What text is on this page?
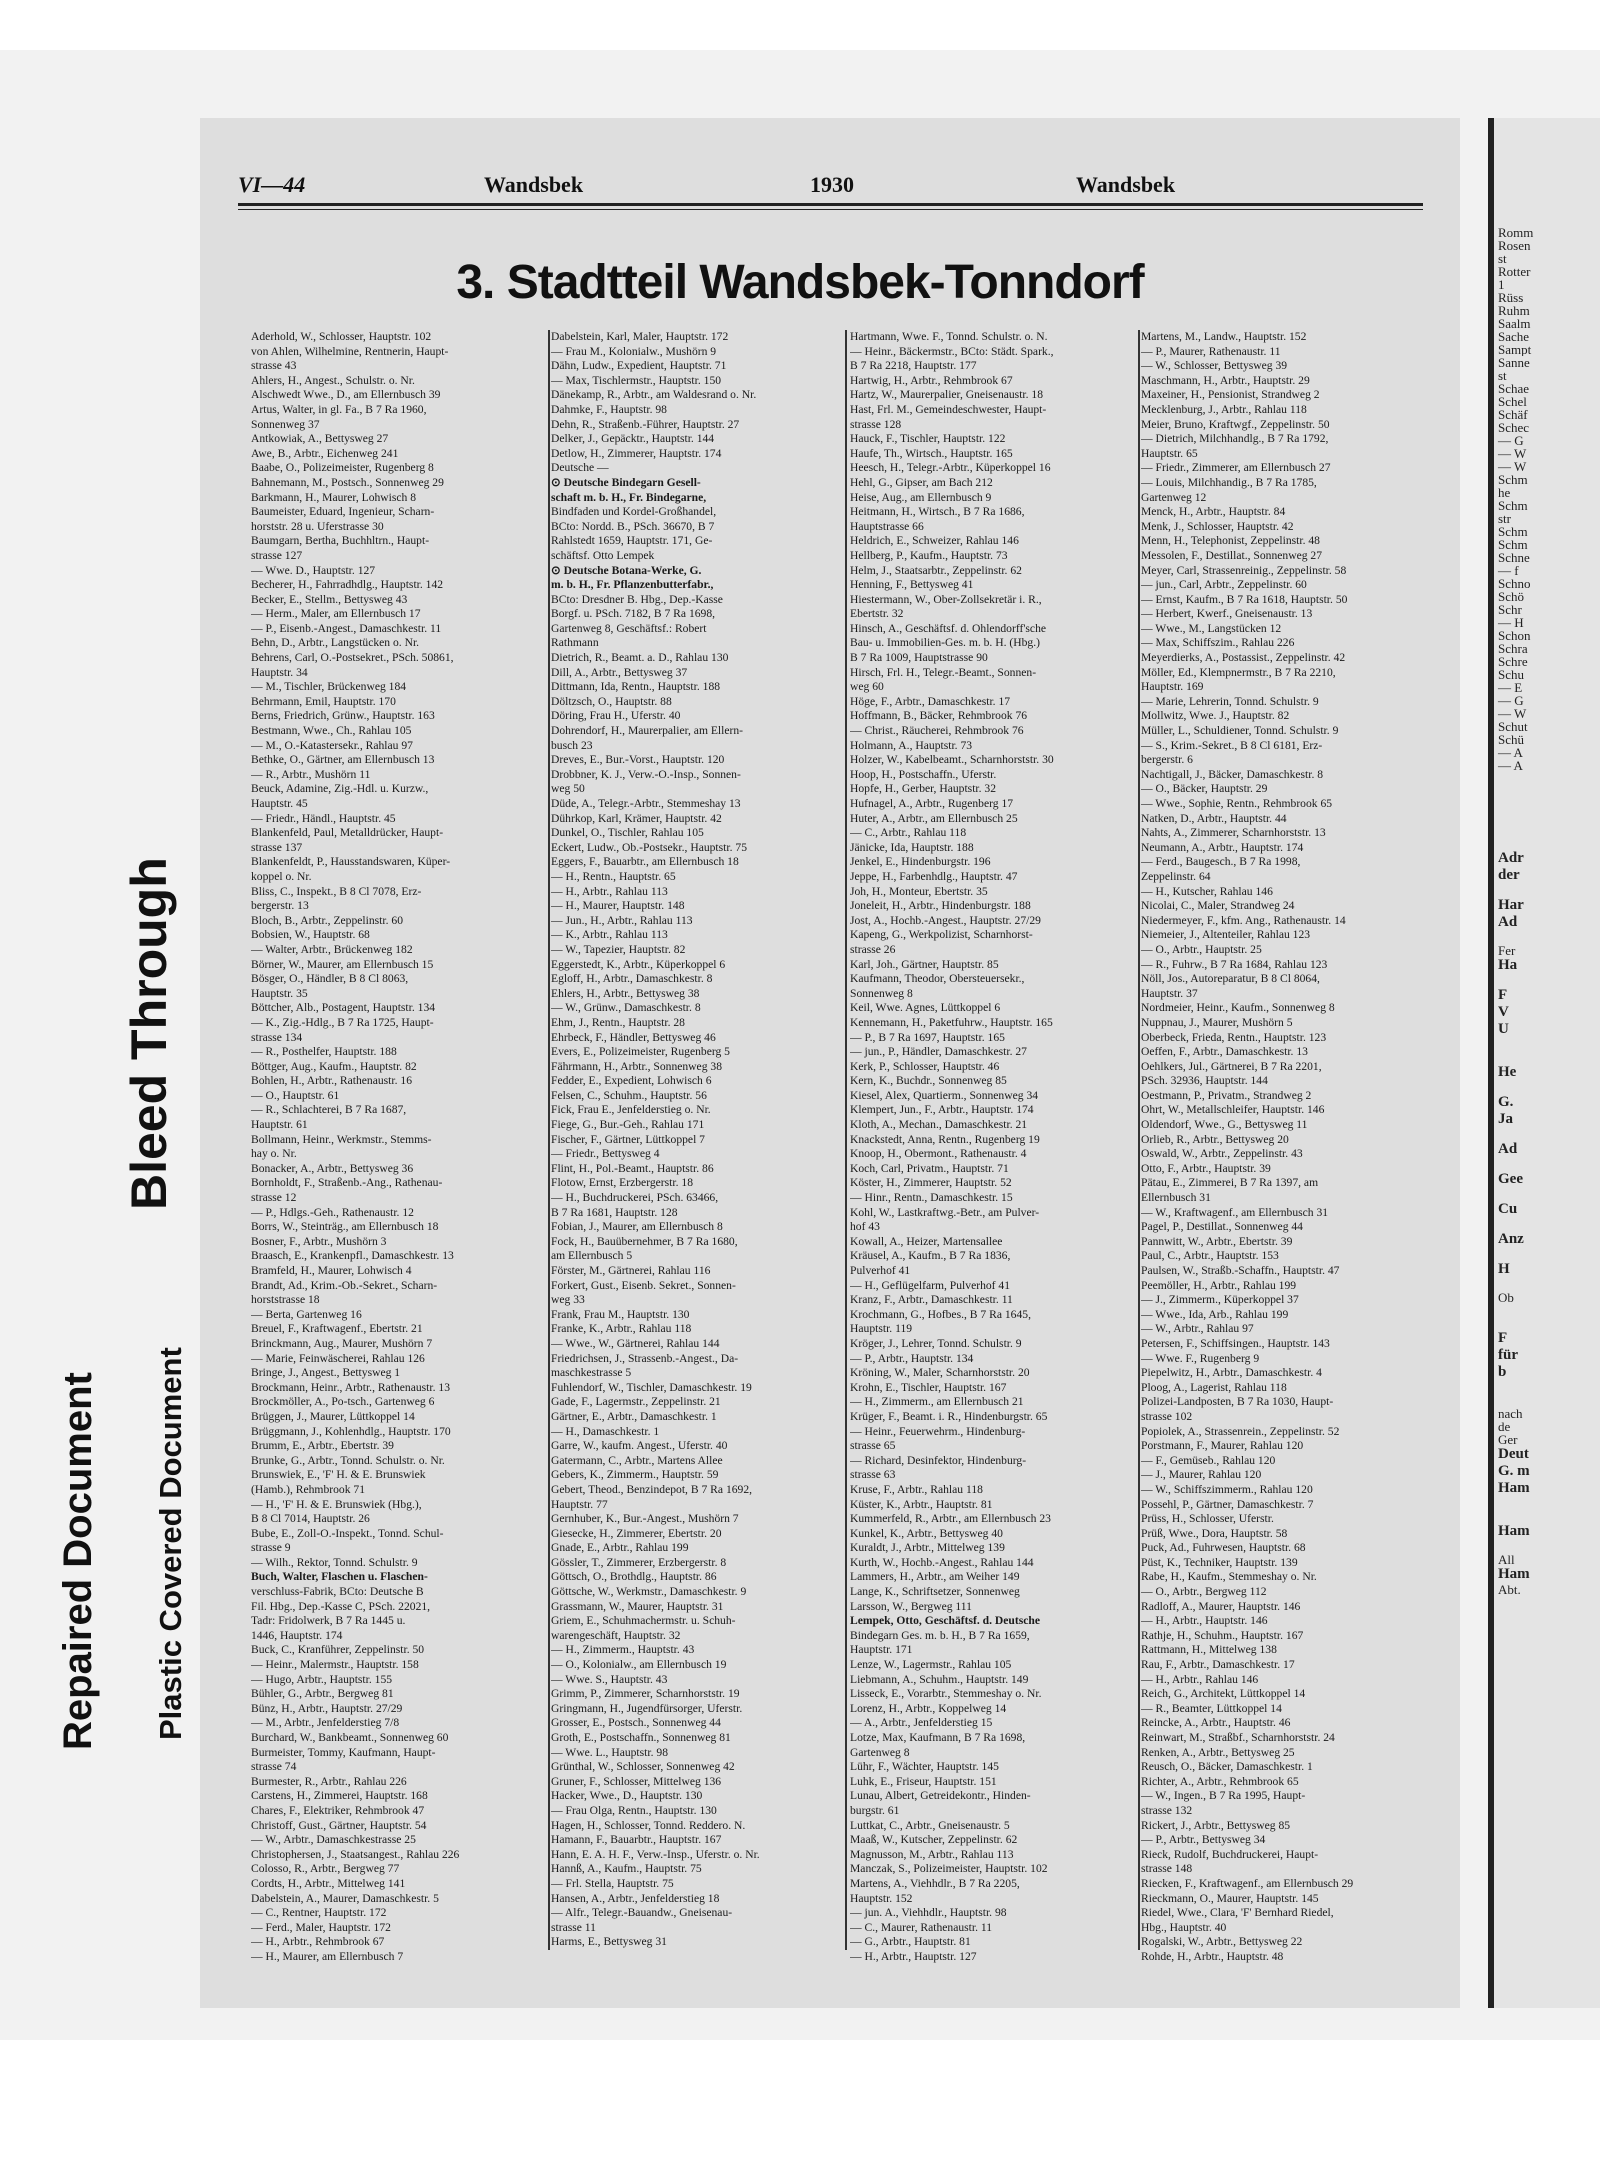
Repaired Document Plastic Covered Document
Bleed Through
Romm
Rosen
st
Rotter
1
Rüss
Ruhm
Saalm
Sache
Sampt
Sanne
st
Schae
Schel
Schäf
Schec
— G
— W
— W
Schm
he
Schm
str
Schm
Schm
Schne
— f
Schno
Schö
Schr
— H
Schon
Schra
Schre
Schu
— E
— G
— W
Schut
Schü
— A
— A
Adr
der
Har
Ad
Fer
Ha
F
V
U
He
G.
Ja
Ad
Gee
Cu
Anz
H
Ob
F
für
b
nach
de
Ger
Deut
G. m
Ham
Ham
All
Ham
Abt.
VI—44	Wandsbek	1930	Wandsbek
3. Stadtteil Wandsbek-Tonndorf
Aderhold, W., Schlosser, Hauptstr. 102
von Ahlen, Wilhelmine, Rentnerin, Haupt-
strasse 43
Ahlers, H., Angest., Schulstr. o. Nr.
Alschwedt Wwe., D., am Ellernbusch 39
Artus, Walter, in gl. Fa., B 7 Ra 1960,
Sonnenweg 37
Antkowiak, A., Bettysweg 27
Awe, B., Arbtr., Eichenweg 241
Baabe, O., Polizeimeister, Rugenberg 8
Bahnemann, M., Postsch., Sonnenweg 29
Barkmann, H., Maurer, Lohwisch 8
Baumeister, Eduard, Ingenieur, Scharn-
horststr. 28 u. Uferstrasse 30
Baumgarn, Bertha, Buchhltrn., Haupt-
strasse 127
— Wwe. D., Hauptstr. 127
Becherer, H., Fahrradhdlg., Hauptstr. 142
Becker, E., Stellm., Bettysweg 43
— Herm., Maler, am Ellernbusch 17
— P., Eisenb.-Angest., Damaschkestr. 11
Behn, D., Arbtr., Langstücken o. Nr.
Behrens, Carl, O.-Postsekret., PSch. 50861,
Hauptstr. 34
— M., Tischler, Brückenweg 184
Behrmann, Emil, Hauptstr. 170
Berns, Friedrich, Grünw., Hauptstr. 163
Bestmann, Wwe., Ch., Rahlau 105
— M., O.-Katastersekr., Rahlau 97
Bethke, O., Gärtner, am Ellernbusch 13
— R., Arbtr., Mushörn 11
Beuck, Adamine, Zig.-Hdl. u. Kurzw.,
Hauptstr. 45
— Friedr., Händl., Hauptstr. 45
Blankenfeld, Paul, Metalldrücker, Haupt-
strasse 137
Blankenfeldt, P., Hausstandswaren, Küper-
koppel o. Nr.
Bliss, C., Inspekt., B 8 Cl 7078, Erz-
bergerstr. 13
Bloch, B., Arbtr., Zeppelinstr. 60
Bobsien, W., Hauptstr. 68
— Walter, Arbtr., Brückenweg 182
Börner, W., Maurer, am Ellernbusch 15
Bösger, O., Händler, B 8 Cl 8063,
Hauptstr. 35
Böttcher, Alb., Postagent, Hauptstr. 134
— K., Zig.-Hdlg., B 7 Ra 1725, Haupt-
strasse 134
— R., Posthelfer, Hauptstr. 188
Böttger, Aug., Kaufm., Hauptstr. 82
Bohlen, H., Arbtr., Rathenaustr. 16
— O., Hauptstr. 61
— R., Schlachterei, B 7 Ra 1687,
Hauptstr. 61
Bollmann, Heinr., Werkmstr., Stemms-
hay o. Nr.
Bonacker, A., Arbtr., Bettysweg 36
Bornholdt, F., Straßenb.-Ang., Rathenau-
strasse 12
— P., Hdlgs.-Geh., Rathenaustr. 12
Borrs, W., Steinträg., am Ellernbusch 18
Bosner, F., Arbtr., Mushörn 3
Braasch, E., Krankenpfl., Damaschkestr. 13
Bramfeld, H., Maurer, Lohwisch 4
Brandt, Ad., Krim.-Ob.-Sekret., Scharn-
horststrasse 18
— Berta, Gartenweg 16
Breuel, F., Kraftwagenf., Ebertstr. 21
Brinckmann, Aug., Maurer, Mushörn 7
— Marie, Feinwäscherei, Rahlau 126
Bringe, J., Angest., Bettysweg 1
Brockmann, Heinr., Arbtr., Rathenaustr. 13
Brockmöller, A., Po-tsch., Gartenweg 6
Brüggen, J., Maurer, Lüttkoppel 14
Brüggmann, J., Kohlenhdlg., Hauptstr. 170
Brumm, E., Arbtr., Ebertstr. 39
Brunke, G., Arbtr., Tonnd. Schulstr. o. Nr.
Brunswiek, E., 'F' H. & E. Brunswiek
(Hamb.), Rehmbrook 71
— H., 'F' H. & E. Brunswiek (Hbg.),
B 8 Cl 7014, Hauptstr. 26
Bube, E., Zoll-O.-Inspekt., Tonnd. Schul-
strasse 9
— Wilh., Rektor, Tonnd. Schulstr. 9
Buch, Walter, Flaschen u. Flaschen-
verschluss-Fabrik, BCto: Deutsche B
Fil. Hbg., Dep.-Kasse C, PSch. 22021,
Tadr: Fridolwerk, B 7 Ra 1445 u.
1446, Hauptstr. 174
Buck, C., Kranführer, Zeppelinstr. 50
— Heinr., Malermstr., Hauptstr. 158
— Hugo, Arbtr., Hauptstr. 155
Bühler, G., Arbtr., Bergweg 81
Bünz, H., Arbtr., Hauptstr. 27/29
— M., Arbtr., Jenfelderstieg 7/8
Burchard, W., Bankbeamt., Sonnenweg 60
Burmeister, Tommy, Kaufmann, Haupt-
strasse 74
Burmester, R., Arbtr., Rahlau 226
Carstens, H., Zimmerei, Hauptstr. 168
Chares, F., Elektriker, Rehmbrook 47
Christoff, Gust., Gärtner, Hauptstr. 54
— W., Arbtr., Damaschkestrasse 25
Christophersen, J., Staatsangest., Rahlau 226
Colosso, R., Arbtr., Bergweg 77
Cordts, H., Arbtr., Mittelweg 141
Dabelstein, A., Maurer, Damaschkestr. 5
— C., Rentner, Hauptstr. 172
— Ferd., Maler, Hauptstr. 172
— H., Arbtr., Rehmbrook 67
— H., Maurer, am Ellernbusch 7
Dabelstein, Karl, Maler, Hauptstr. 172
— Frau M., Kolonialw., Mushörn 9
Dähn, Ludw., Expedient, Hauptstr. 71
— Max, Tischlermstr., Hauptstr. 150
Dänekamp, R., Arbtr., am Waldesrand o. Nr.
Dahmke, F., Hauptstr. 98
Dehn, R., Straßenb.-Führer, Hauptstr. 27
Delker, J., Gepäcktr., Hauptstr. 144
Detlow, H., Zimmerer, Hauptstr. 174
Deutsche —
⊙ Deutsche Bindegarn Gesell-
schaft m. b. H., Fr. Bindegarne,
Bindfaden und Kordel-Großhandel,
BCto: Nordd. B., PSch. 36670, B 7
Rahlstedt 1659, Hauptstr. 171, Ge-
schäftsf. Otto Lempek
⊙ Deutsche Botana-Werke, G.
m. b. H., Fr. Pflanzenbutterfabr.,
BCto: Dresdner B. Hbg., Dep.-Kasse
Borgf. u. PSch. 7182, B 7 Ra 1698,
Gartenweg 8, Geschäftsf.: Robert
Rathmann
Dietrich, R., Beamt. a. D., Rahlau 130
Dill, A., Arbtr., Bettysweg 37
Dittmann, Ida, Rentn., Hauptstr. 188
Döltzsch, O., Hauptstr. 88
Döring, Frau H., Uferstr. 40
Dohrendorf, H., Maurerpalier, am Ellern-
busch 23
Dreves, E., Bur.-Vorst., Hauptstr. 120
Drobbner, K. J., Verw.-O.-Insp., Sonnen-
weg 50
Düde, A., Telegr.-Arbtr., Stemmeshay 13
Dührkop, Karl, Krämer, Hauptstr. 42
Dunkel, O., Tischler, Rahlau 105
Eckert, Ludw., Ob.-Postsekr., Hauptstr. 75
Eggers, F., Bauarbtr., am Ellernbusch 18
— H., Rentn., Hauptstr. 65
— H., Arbtr., Rahlau 113
— H., Maurer, Hauptstr. 148
— Jun., H., Arbtr., Rahlau 113
— K., Arbtr., Rahlau 113
— W., Tapezier, Hauptstr. 82
Eggerstedt, K., Arbtr., Küperkoppel 6
Egloff, H., Arbtr., Damaschkestr. 8
Ehlers, H., Arbtr., Bettysweg 38
— W., Grünw., Damaschkestr. 8
Ehm, J., Rentn., Hauptstr. 28
Ehrbeck, F., Händler, Bettysweg 46
Evers, E., Polizeimeister, Rugenberg 5
Fährmann, H., Arbtr., Sonnenweg 38
Fedder, E., Expedient, Lohwisch 6
Felsen, C., Schuhm., Hauptstr. 56
Fick, Frau E., Jenfelderstieg o. Nr.
Fiege, G., Bur.-Geh., Rahlau 171
Fischer, F., Gärtner, Lüttkoppel 7
— Friedr., Bettysweg 4
Flint, H., Pol.-Beamt., Hauptstr. 86
Flotow, Ernst, Erzbergerstr. 18
— H., Buchdruckerei, PSch. 63466,
B 7 Ra 1681, Hauptstr. 128
Fobian, J., Maurer, am Ellernbusch 8
Fock, H., Bauübernehmer, B 7 Ra 1680,
am Ellernbusch 5
Förster, M., Gärtnerei, Rahlau 116
Forkert, Gust., Eisenb. Sekret., Sonnen-
weg 33
Frank, Frau M., Hauptstr. 130
Franke, K., Arbtr., Rahlau 118
— Wwe., W., Gärtnerei, Rahlau 144
Friedrichsen, J., Strassenb.-Angest., Da-
maschkestrasse 5
Fuhlendorf, W., Tischler, Damaschkestr. 19
Gade, F., Lagermstr., Zeppelinstr. 21
Gärtner, E., Arbtr., Damaschkestr. 1
— H., Damaschkestr. 1
Garre, W., kaufm. Angest., Uferstr. 40
Gatermann, C., Arbtr., Martens Allee
Gebers, K., Zimmerm., Hauptstr. 59
Gebert, Theod., Benzindepot, B 7 Ra 1692,
Hauptstr. 77
Gernhuber, K., Bur.-Angest., Mushörn 7
Giesecke, H., Zimmerer, Ebertstr. 20
Gnade, E., Arbtr., Rahlau 199
Gössler, T., Zimmerer, Erzbergerstr. 8
Göttsch, O., Brothdlg., Hauptstr. 86
Göttsche, W., Werkmstr., Damaschkestr. 9
Grassmann, W., Maurer, Hauptstr. 31
Griem, E., Schuhmachermstr. u. Schuh-
warengeschäft, Hauptstr. 32
— H., Zimmerm., Hauptstr. 43
— O., Kolonialw., am Ellernbusch 19
— Wwe. S., Hauptstr. 43
Grimm, P., Zimmerer, Scharnhorststr. 19
Gringmann, H., Jugendfürsorger, Uferstr.
Grosser, E., Postsch., Sonnenweg 44
Groth, E., Postschaffn., Sonnenweg 81
— Wwe. L., Hauptstr. 98
Grünthal, W., Schlosser, Sonnenweg 42
Gruner, F., Schlosser, Mittelweg 136
Hacker, Wwe., D., Hauptstr. 130
— Frau Olga, Rentn., Hauptstr. 130
Hagen, H., Schlosser, Tonnd. Reddero. N.
Hamann, F., Bauarbtr., Hauptstr. 167
Hann, E. A. H. F., Verw.-Insp., Uferstr. o. Nr.
Hannß, A., Kaufm., Hauptstr. 75
— Frl. Stella, Hauptstr. 75
Hansen, A., Arbtr., Jenfelderstieg 18
— Alfr., Telegr.-Bauandw., Gneisenau-
strasse 11
Harms, E., Bettysweg 31
Hartmann, Wwe. F., Tonnd. Schulstr. o. N.
— Heinr., Bäckermstr., BCto: Städt. Spark.,
B 7 Ra 2218, Hauptstr. 177
Hartwig, H., Arbtr., Rehmbrook 67
Hartz, W., Maurerpalier, Gneisenaustr. 18
Hast, Frl. M., Gemeindeschwester, Haupt-
strasse 128
Hauck, F., Tischler, Hauptstr. 122
Haufe, Th., Wirtsch., Hauptstr. 165
Heesch, H., Telegr.-Arbtr., Küperkoppel 16
Hehl, G., Gipser, am Bach 212
Heise, Aug., am Ellernbusch 9
Heitmann, H., Wirtsch., B 7 Ra 1686,
Hauptstrasse 66
Heldrich, E., Schweizer, Rahlau 146
Hellberg, P., Kaufm., Hauptstr. 73
Helm, J., Staatsarbtr., Zeppelinstr. 62
Henning, F., Bettysweg 41
Hiestermann, W., Ober-Zollsekretär i. R.,
Ebertstr. 32
Hinsch, A., Geschäftsf. d. Ohlendorff'sche
Bau- u. Immobilien-Ges. m. b. H. (Hbg.)
B 7 Ra 1009, Hauptstrasse 90
Hirsch, Frl. H., Telegr.-Beamt., Sonnen-
weg 60
Höge, F., Arbtr., Damaschkestr. 17
Hoffmann, B., Bäcker, Rehmbrook 76
— Christ., Räucherei, Rehmbrook 76
Holmann, A., Hauptstr. 73
Holzer, W., Kabelbeamt., Scharnhorststr. 30
Hoop, H., Postschaffn., Uferstr.
Hopfe, H., Gerber, Hauptstr. 32
Hufnagel, A., Arbtr., Rugenberg 17
Huter, A., Arbtr., am Ellernbusch 25
— C., Arbtr., Rahlau 118
Jänicke, Ida, Hauptstr. 188
Jenkel, E., Hindenburgstr. 196
Jeppe, H., Farbenhdlg., Hauptstr. 47
Joh, H., Monteur, Ebertstr. 35
Joneleit, H., Arbtr., Hindenburgstr. 188
Jost, A., Hochb.-Angest., Hauptstr. 27/29
Kapeng, G., Werkpolizist, Scharnhorst-
strasse 26
Karl, Joh., Gärtner, Hauptstr. 85
Kaufmann, Theodor, Obersteuersekr.,
Sonnenweg 8
Keil, Wwe. Agnes, Lüttkoppel 6
Kennemann, H., Paketfuhrw., Hauptstr. 165
— P., B 7 Ra 1697, Hauptstr. 165
— jun., P., Händler, Damaschkestr. 27
Kerk, P., Schlosser, Hauptstr. 46
Kern, K., Buchdr., Sonnenweg 85
Kiesel, Alex, Quartierm., Sonnenweg 34
Klempert, Jun., F., Arbtr., Hauptstr. 174
Kloth, A., Mechan., Damaschkestr. 21
Knackstedt, Anna, Rentn., Rugenberg 19
Knoop, H., Obermont., Rathenaustr. 4
Koch, Carl, Privatm., Hauptstr. 71
Köster, H., Zimmerer, Hauptstr. 52
— Hinr., Rentn., Damaschkestr. 15
Kohl, W., Lastkraftwg.-Betr., am Pulver-
hof 43
Kowall, A., Heizer, Martensallee
Kräusel, A., Kaufm., B 7 Ra 1836,
Pulverhof 41
— H., Geflügelfarm, Pulverhof 41
Kranz, F., Arbtr., Damaschkestr. 11
Krochmann, G., Hofbes., B 7 Ra 1645,
Hauptstr. 119
Kröger, J., Lehrer, Tonnd. Schulstr. 9
— P., Arbtr., Hauptstr. 134
Kröning, W., Maler, Scharnhorststr. 20
Krohn, E., Tischler, Hauptstr. 167
— H., Zimmerm., am Ellernbusch 21
Krüger, F., Beamt. i. R., Hindenburgstr. 65
— Heinr., Feuerwehrm., Hindenburg-
strasse 65
— Richard, Desinfektor, Hindenburg-
strasse 63
Kruse, F., Arbtr., Rahlau 118
Küster, K., Arbtr., Hauptstr. 81
Kummerfeld, R., Arbtr., am Ellernbusch 23
Kunkel, K., Arbtr., Bettysweg 40
Kuraldt, J., Arbtr., Mittelweg 139
Kurth, W., Hochb.-Angest., Rahlau 144
Lammers, H., Arbtr., am Weiher 149
Lange, K., Schriftsetzer, Sonnenweg
Larsson, W., Bergweg 111
Lempek, Otto, Geschäftsf. d. Deutsche
Bindegarn Ges. m. b. H., B 7 Ra 1659,
Hauptstr. 171
Lenze, W., Lagermstr., Rahlau 105
Liebmann, A., Schuhm., Hauptstr. 149
Lisseck, E., Vorarbtr., Stemmeshay o. Nr.
Lorenz, H., Arbtr., Koppelweg 14
— A., Arbtr., Jenfelderstieg 15
Lotze, Max, Kaufmann, B 7 Ra 1698,
Gartenweg 8
Lühr, F., Wächter, Hauptstr. 145
Luhk, E., Friseur, Hauptstr. 151
Lunau, Albert, Getreidekontr., Hinden-
burgstr. 61
Luttkat, C., Arbtr., Gneisenaustr. 5
Maaß, W., Kutscher, Zeppelinstr. 62
Magnusson, M., Arbtr., Rahlau 113
Manczak, S., Polizeimeister, Hauptstr. 102
Martens, A., Viehhdlr., B 7 Ra 2205,
Hauptstr. 152
— jun. A., Viehhdlr., Hauptstr. 98
— C., Maurer, Rathenaustr. 11
— G., Arbtr., Hauptstr. 81
— H., Arbtr., Hauptstr. 127
Martens, M., Landw., Hauptstr. 152
— P., Maurer, Rathenaustr. 11
— W., Schlosser, Bettysweg 39
Maschmann, H., Arbtr., Hauptstr. 29
Maxeiner, H., Pensionist, Strandweg 2
Mecklenburg, J., Arbtr., Rahlau 118
Meier, Bruno, Kraftwgf., Zeppelinstr. 50
— Dietrich, Milchhandlg., B 7 Ra 1792,
Hauptstr. 65
— Friedr., Zimmerer, am Ellernbusch 27
— Louis, Milchhandig., B 7 Ra 1785,
Gartenweg 12
Menck, H., Arbtr., Hauptstr. 84
Menk, J., Schlosser, Hauptstr. 42
Menn, H., Telephonist, Zeppelinstr. 48
Messolen, F., Destillat., Sonnenweg 27
Meyer, Carl, Strassenreinig., Zeppelinstr. 58
— jun., Carl, Arbtr., Zeppelinstr. 60
— Ernst, Kaufm., B 7 Ra 1618, Hauptstr. 50
— Herbert, Kwerf., Gneisenaustr. 13
— Wwe., M., Langstücken 12
— Max, Schiffszim., Rahlau 226
Meyerdierks, A., Postassist., Zeppelinstr. 42
Möller, Ed., Klempnermstr., B 7 Ra 2210,
Hauptstr. 169
— Marie, Lehrerin, Tonnd. Schulstr. 9
Mollwitz, Wwe. J., Hauptstr. 82
Müller, L., Schuldiener, Tonnd. Schulstr. 9
— S., Krim.-Sekret., B 8 Cl 6181, Erz-
bergerstr. 6
Nachtigall, J., Bäcker, Damaschkestr. 8
— O., Bäcker, Hauptstr. 29
— Wwe., Sophie, Rentn., Rehmbrook 65
Natken, D., Arbtr., Hauptstr. 44
Nahts, A., Zimmerer, Scharnhorststr. 13
Neumann, A., Arbtr., Hauptstr. 174
— Ferd., Baugesch., B 7 Ra 1998,
Zeppelinstr. 64
— H., Kutscher, Rahlau 146
Nicolai, C., Maler, Strandweg 24
Niedermeyer, F., kfm. Ang., Rathenaustr. 14
Niemeier, J., Altenteiler, Rahlau 123
— O., Arbtr., Hauptstr. 25
— R., Fuhrw., B 7 Ra 1684, Rahlau 123
Nöll, Jos., Autoreparatur, B 8 Cl 8064,
Hauptstr. 37
Nordmeier, Heinr., Kaufm., Sonnenweg 8
Nuppnau, J., Maurer, Mushörn 5
Oberbeck, Frieda, Rentn., Hauptstr. 123
Oeffen, F., Arbtr., Damaschkestr. 13
Oehlkers, Jul., Gärtnerei, B 7 Ra 2201,
PSch. 32936, Hauptstr. 144
Oestmann, P., Privatm., Strandweg 2
Ohrt, W., Metallschleifer, Hauptstr. 146
Oldendorf, Wwe., G., Bettysweg 11
Orlieb, R., Arbtr., Bettysweg 20
Oswald, W., Arbtr., Zeppelinstr. 43
Otto, F., Arbtr., Hauptstr. 39
Pätau, E., Zimmerei, B 7 Ra 1397, am
Ellernbusch 31
— W., Kraftwagenf., am Ellernbusch 31
Pagel, P., Destillat., Sonnenweg 44
Pannwitt, W., Arbtr., Ebertstr. 39
Paul, C., Arbtr., Hauptstr. 153
Paulsen, W., Straßb.-Schaffn., Hauptstr. 47
Peemöller, H., Arbtr., Rahlau 199
— J., Zimmerm., Küperkoppel 37
— Wwe., Ida, Arb., Rahlau 199
— W., Arbtr., Rahlau 97
Petersen, F., Schiffsingen., Hauptstr. 143
— Wwe. F., Rugenberg 9
Piepelwitz, H., Arbtr., Damaschkestr. 4
Ploog, A., Lagerist, Rahlau 118
Polizei-Landposten, B 7 Ra 1030, Haupt-
strasse 102
Popiolek, A., Strassenrein., Zeppelinstr. 52
Porstmann, F., Maurer, Rahlau 120
— F., Gemüseb., Rahlau 120
— J., Maurer, Rahlau 120
— W., Schiffszimmerm., Rahlau 120
Possehl, P., Gärtner, Damaschkestr. 7
Prüss, H., Schlosser, Uferstr.
Prüß, Wwe., Dora, Hauptstr. 58
Puck, Ad., Fuhrwesen, Hauptstr. 68
Püst, K., Techniker, Hauptstr. 139
Rabe, H., Kaufm., Stemmeshay o. Nr.
— O., Arbtr., Bergweg 112
Radloff, A., Maurer, Hauptstr. 146
— H., Arbtr., Hauptstr. 146
Rathje, H., Schuhm., Hauptstr. 167
Rattmann, H., Mittelweg 138
Rau, F., Arbtr., Damaschkestr. 17
— H., Arbtr., Rahlau 146
Reich, G., Architekt, Lüttkoppel 14
— R., Beamter, Lüttkoppel 14
Reincke, A., Arbtr., Hauptstr. 46
Reinwart, M., Straßbf., Scharnhorststr. 24
Renken, A., Arbtr., Bettysweg 25
Reusch, O., Bäcker, Damaschkestr. 1
Richter, A., Arbtr., Rehmbrook 65
— W., Ingen., B 7 Ra 1995, Haupt-
strasse 132
Rickert, J., Arbtr., Bettysweg 85
— P., Arbtr., Bettysweg 34
Rieck, Rudolf, Buchdruckerei, Haupt-
strasse 148
Riecken, F., Kraftwagenf., am Ellernbusch 29
Rieckmann, O., Maurer, Hauptstr. 145
Riedel, Wwe., Clara, 'F' Bernhard Riedel,
Hbg., Hauptstr. 40
Rogalski, W., Arbtr., Bettysweg 22
Rohde, H., Arbtr., Hauptstr. 48
